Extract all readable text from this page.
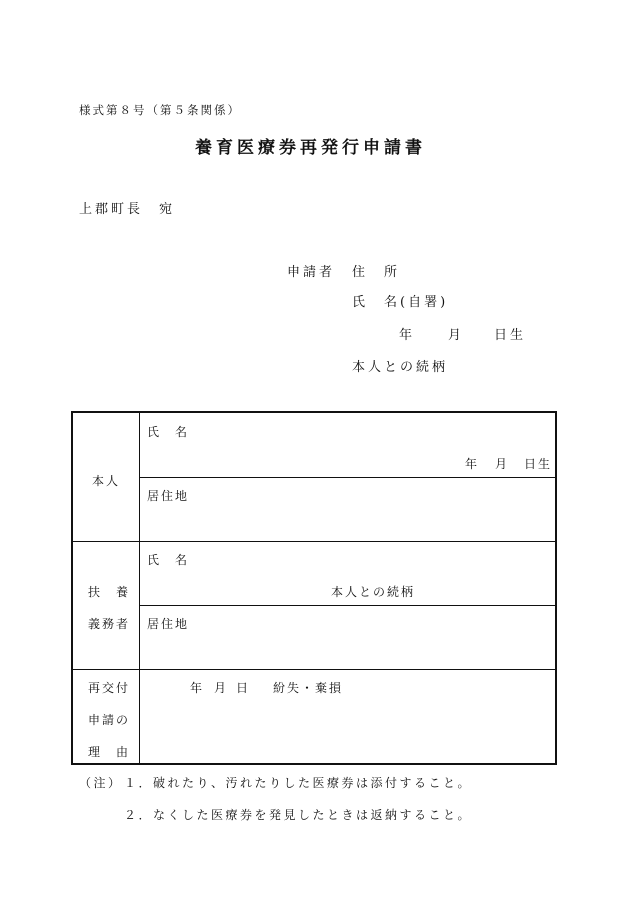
様式第８号（第５条関係）
養育医療券再発行申請書
上郡町長　宛
申請者 住　所
氏　名(自署)
年	月 日生
本人との続柄
本人
氏　名
年 月 日生
居住地
扶　養
義務者
氏　名
本人との続柄
居住地
再交付
申請の
理　由
年 月 日 紛失・棄損
（注） １．破れたり、汚れたりした医療券は添付すること。
２．なくした医療券を発見したときは返納すること。
